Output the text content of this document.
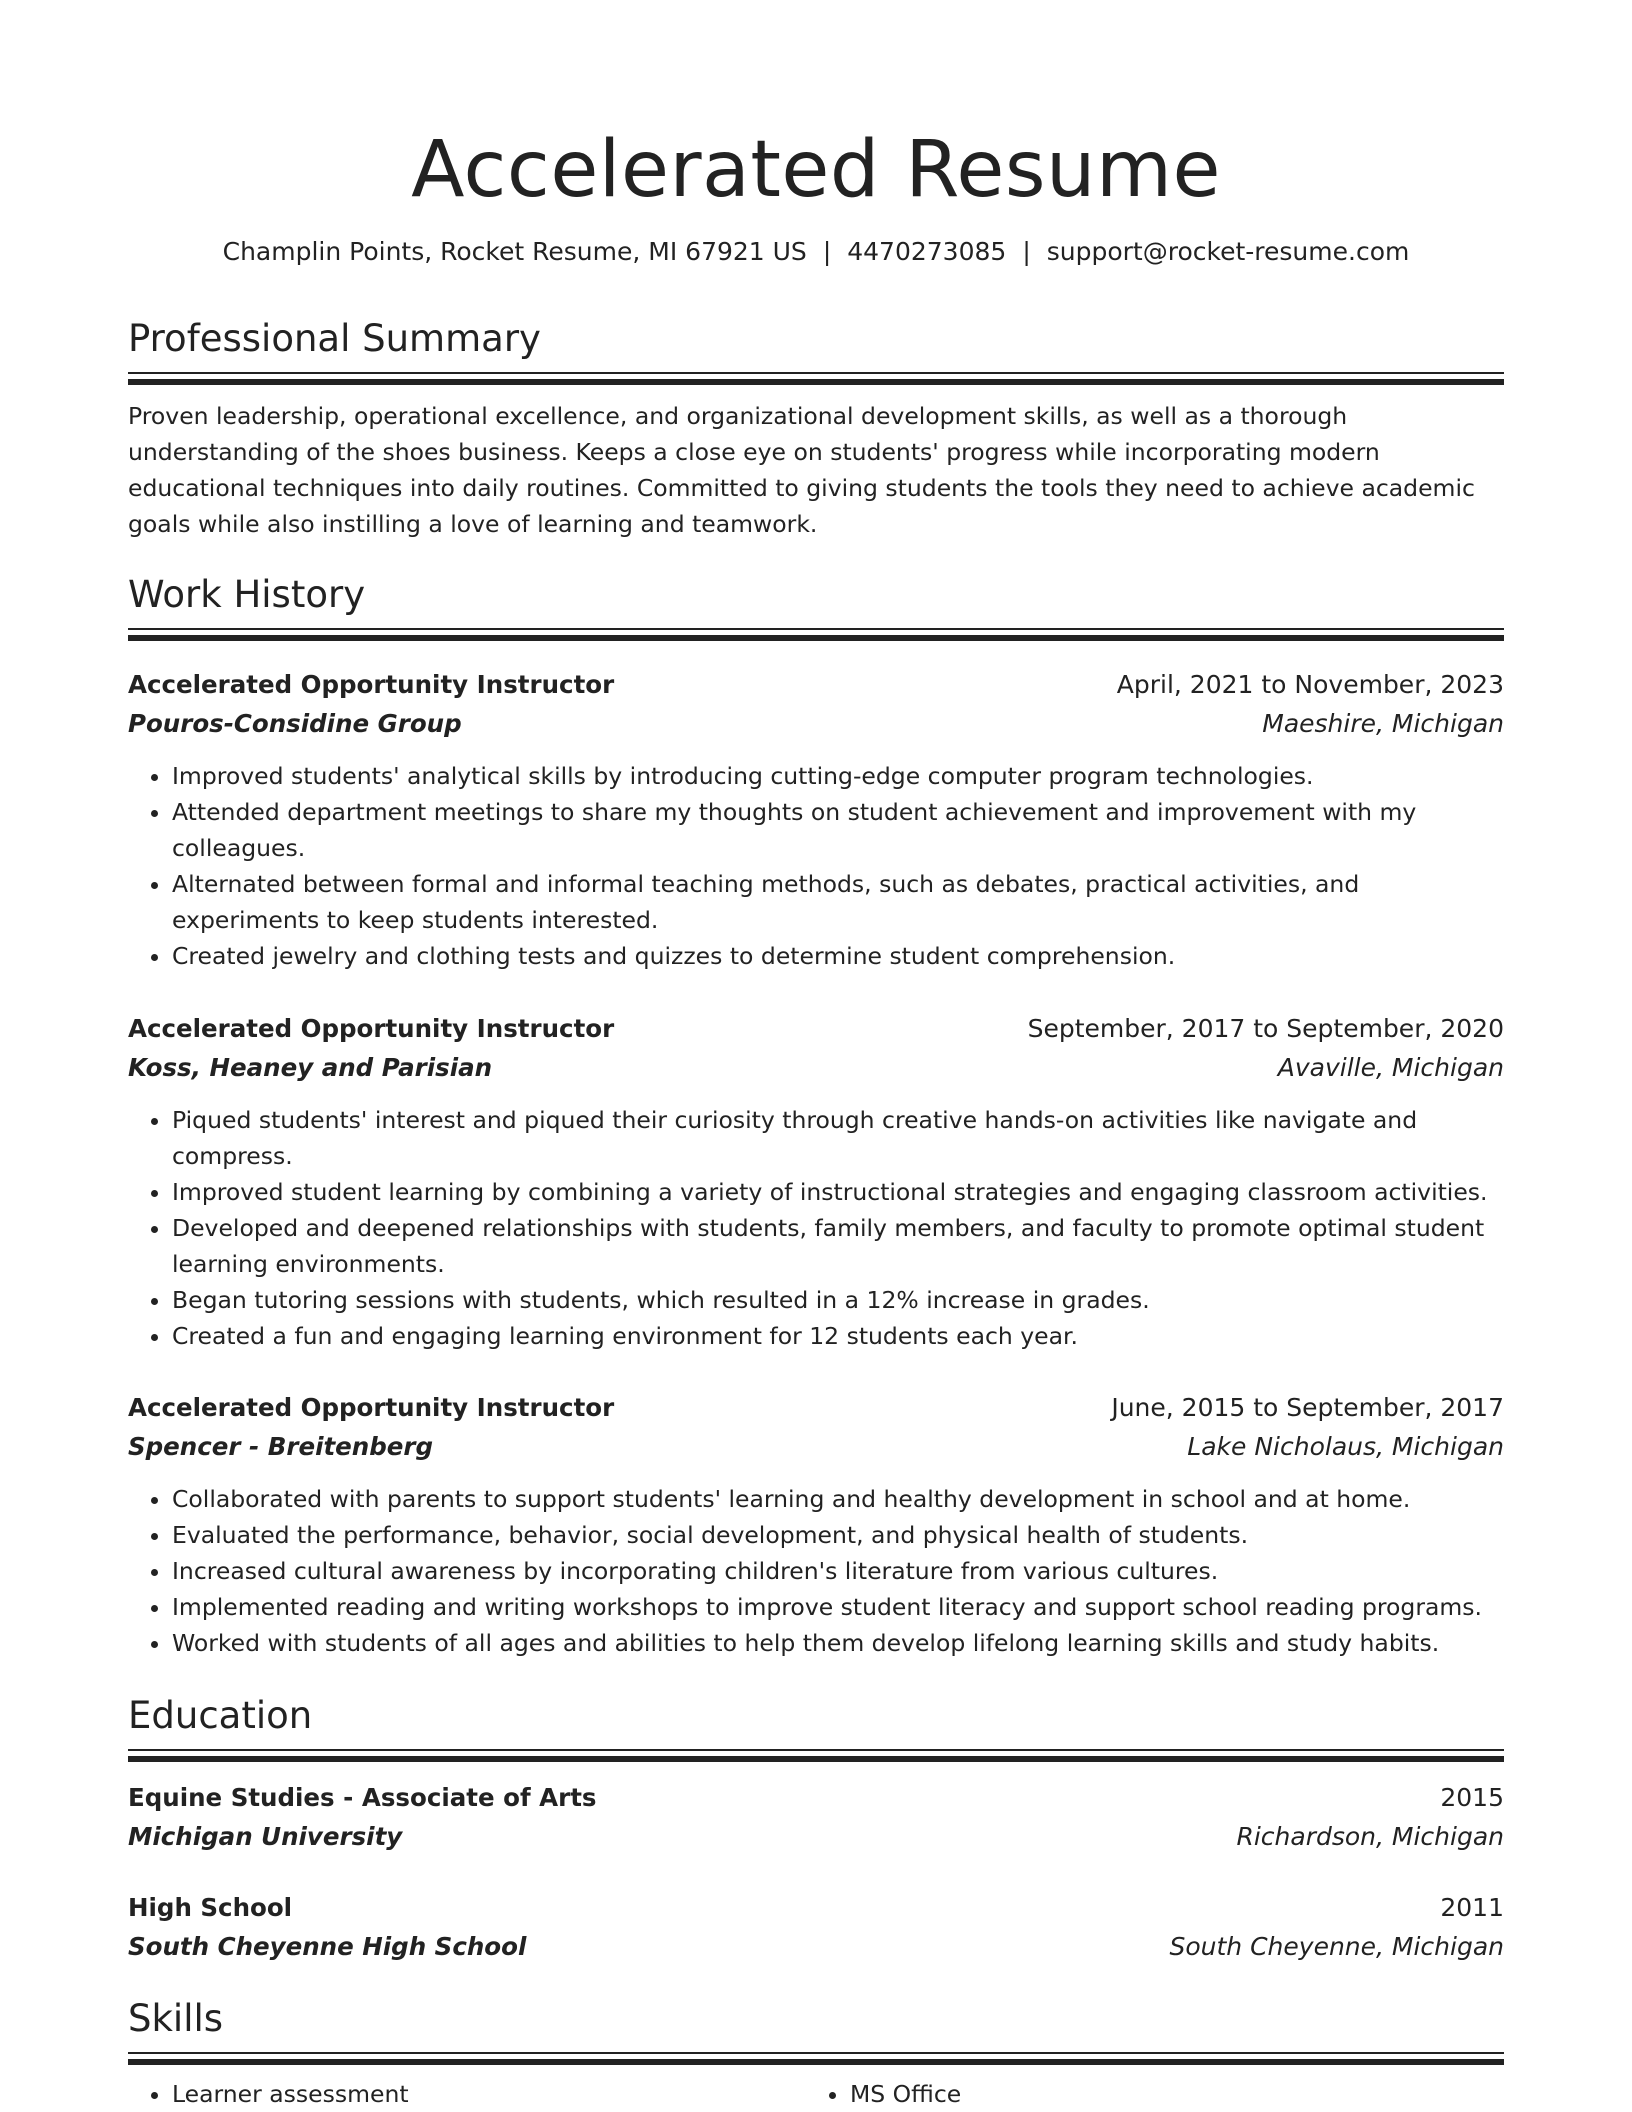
Accelerated Resume
Champlin Points, Rocket Resume, MI 67921 US | 4470273085 | support@rocket-resume.com
Professional Summary
Proven leadership, operational excellence, and organizational development skills, as well as a thorough understanding of the shoes business. Keeps a close eye on students' progress while incorporating modern educational techniques into daily routines. Committed to giving students the tools they need to achieve academic goals while also instilling a love of learning and teamwork.
Work History
Accelerated Opportunity Instructor	April, 2021 to November, 2023
Pouros-Considine Group	Maeshire, Michigan
• Improved students' analytical skills by introducing cutting-edge computer program technologies.
• Attended department meetings to share my thoughts on student achievement and improvement with my colleagues.
• Alternated between formal and informal teaching methods, such as debates, practical activities, and experiments to keep students interested.
• Created jewelry and clothing tests and quizzes to determine student comprehension.
Accelerated Opportunity Instructor	September, 2017 to September, 2020
Koss, Heaney and Parisian	Avaville, Michigan
• Piqued students' interest and piqued their curiosity through creative hands-on activities like navigate and compress.
• Improved student learning by combining a variety of instructional strategies and engaging classroom activities.
• Developed and deepened relationships with students, family members, and faculty to promote optimal student learning environments.
• Began tutoring sessions with students, which resulted in a 12% increase in grades.
• Created a fun and engaging learning environment for 12 students each year.
Accelerated Opportunity Instructor	June, 2015 to September, 2017
Spencer - Breitenberg	Lake Nicholaus, Michigan
• Collaborated with parents to support students' learning and healthy development in school and at home.
• Evaluated the performance, behavior, social development, and physical health of students.
• Increased cultural awareness by incorporating children's literature from various cultures.
• Implemented reading and writing workshops to improve student literacy and support school reading programs.
• Worked with students of all ages and abilities to help them develop lifelong learning skills and study habits.
Education
Equine Studies - Associate of Arts	2015
Michigan University	Richardson, Michigan
High School	2011
South Cheyenne High School	South Cheyenne, Michigan
Skills
• Learner assessment
•	MS Office
